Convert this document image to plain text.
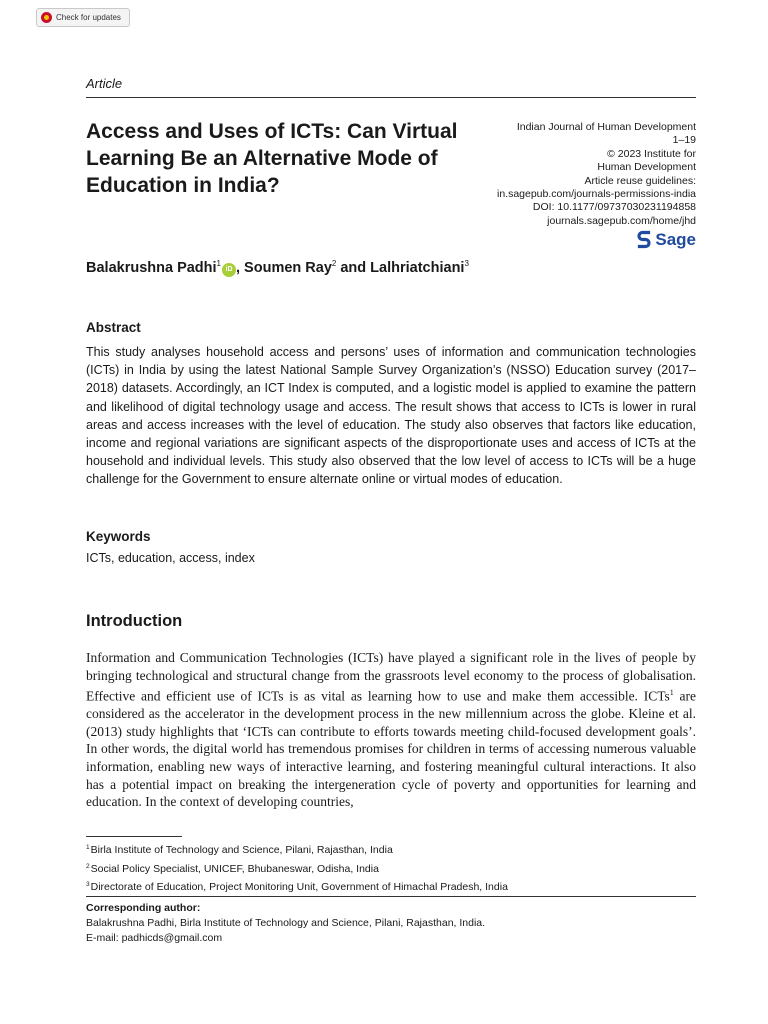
Check for updates
Article
Access and Uses of ICTs: Can Virtual Learning Be an Alternative Mode of Education in India?
Indian Journal of Human Development
1–19
© 2023 Institute for
Human Development
Article reuse guidelines:
in.sagepub.com/journals-permissions-india
DOI: 10.1177/09737030231194858
journals.sagepub.com/home/jhd
Sage
Balakrushna Padhi$^1$iD , Soumen Ray$^2$ and Lalhriatchiani$^3$
Abstract

This study analyses household access and persons’ uses of information and communication technologies (ICTs) in India by using the latest National Sample Survey Organization’s (NSSO) Education survey (2017–2018) datasets. Accordingly, an ICT Index is computed, and a logistic model is applied to examine the pattern and likelihood of digital technology usage and access. The result shows that access to ICTs is lower in rural areas and access increases with the level of education. The study also observes that factors like education, income and regional variations are significant aspects of the disproportionate uses and access of ICTs at the household and individual levels. This study also observed that the low level of access to ICTs will be a huge challenge for the Government to ensure alternate online or virtual modes of education.

Keywords
ICTs, education, access, index
Introduction

Information and Communication Technologies (ICTs) have played a significant role in the lives of people by bringing technological and structural change from the grassroots level economy to the process of globalisation. Effective and efficient use of ICTs is as vital as learning how to use and make them accessible. ICTs$^1$ are considered as the accelerator in the development process in the new millennium across the globe. Kleine et al. (2013) study highlights that ‘ICTs can contribute to efforts towards meeting child-focused development goals’. In other words, the digital world has tremendous promises for children in terms of accessing numerous valuable information, enabling new ways of interactive learning, and fostering meaningful cultural interactions. It also has a potential impact on breaking the intergeneration cycle of poverty and opportunities for learning and education. In the context of developing countries,

$^1$Birla Institute of Technology and Science, Pilani, Rajasthan, India
$^2$Social Policy Specialist, UNICEF, Bhubaneswar, Odisha, India
$^3$Directorate of Education, Project Monitoring Unit, Government of Himachal Pradesh, India
Corresponding author:
Balakrushna Padhi, Birla Institute of Technology and Science, Pilani, Rajasthan, India.
E-mail: padhicds@gmail.com
